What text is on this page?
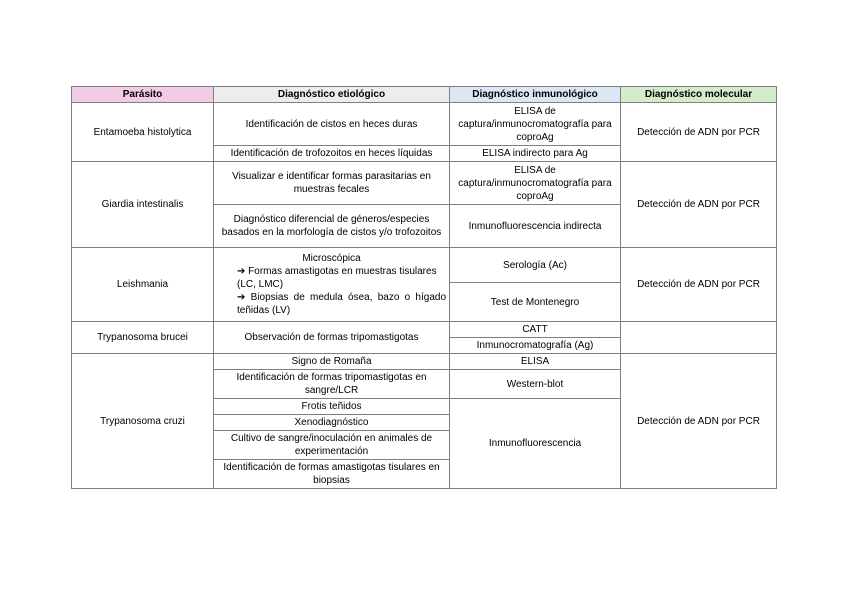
Parásito	Diagnóstico etiológico	Diagnóstico inmunológico	Diagnóstico molecular
Entamoeba histolytica	Identificación de cistos en heces duras	ELISA de captura/inmunocromatografía para coproAg	Detección de ADN por PCR
	Identificación de trofozoitos en heces líquidas	ELISA indirecto para Ag	
Giardia intestinalis	Visualizar e identificar formas parasitarias en muestras fecales	ELISA de captura/inmunocromatografía para coproAg	Detección de ADN por PCR
	Diagnóstico diferencial de géneros/especies basados en la morfología de cistos y/o trofozoitos	Inmunofluorescencia indirecta	
Leishmania	Microscópica
➔ Formas amastigotas en muestras tisulares (LC, LMC)
➔ Biopsias de medula ósea, bazo o hígado teñidas (LV)	Serología (Ac)	Detección de ADN por PCR
		Test de Montenegro	
Trypanosoma brucei	Observación de formas tripomastigotas	CATT	
		Inmunocromatografía (Ag)	
Trypanosoma cruzi	Signo de Romaña	ELISA	Detección de ADN por PCR
	Identificación de formas tripomastigotas en sangre/LCR	Western-blot	
	Frotis teñidos	Inmunofluorescencia	
	Xenodiagnóstico		
	Cultivo de sangre/inoculación en animales de experimentación		
	Identificación de formas amastigotas tisulares en biopsias		
